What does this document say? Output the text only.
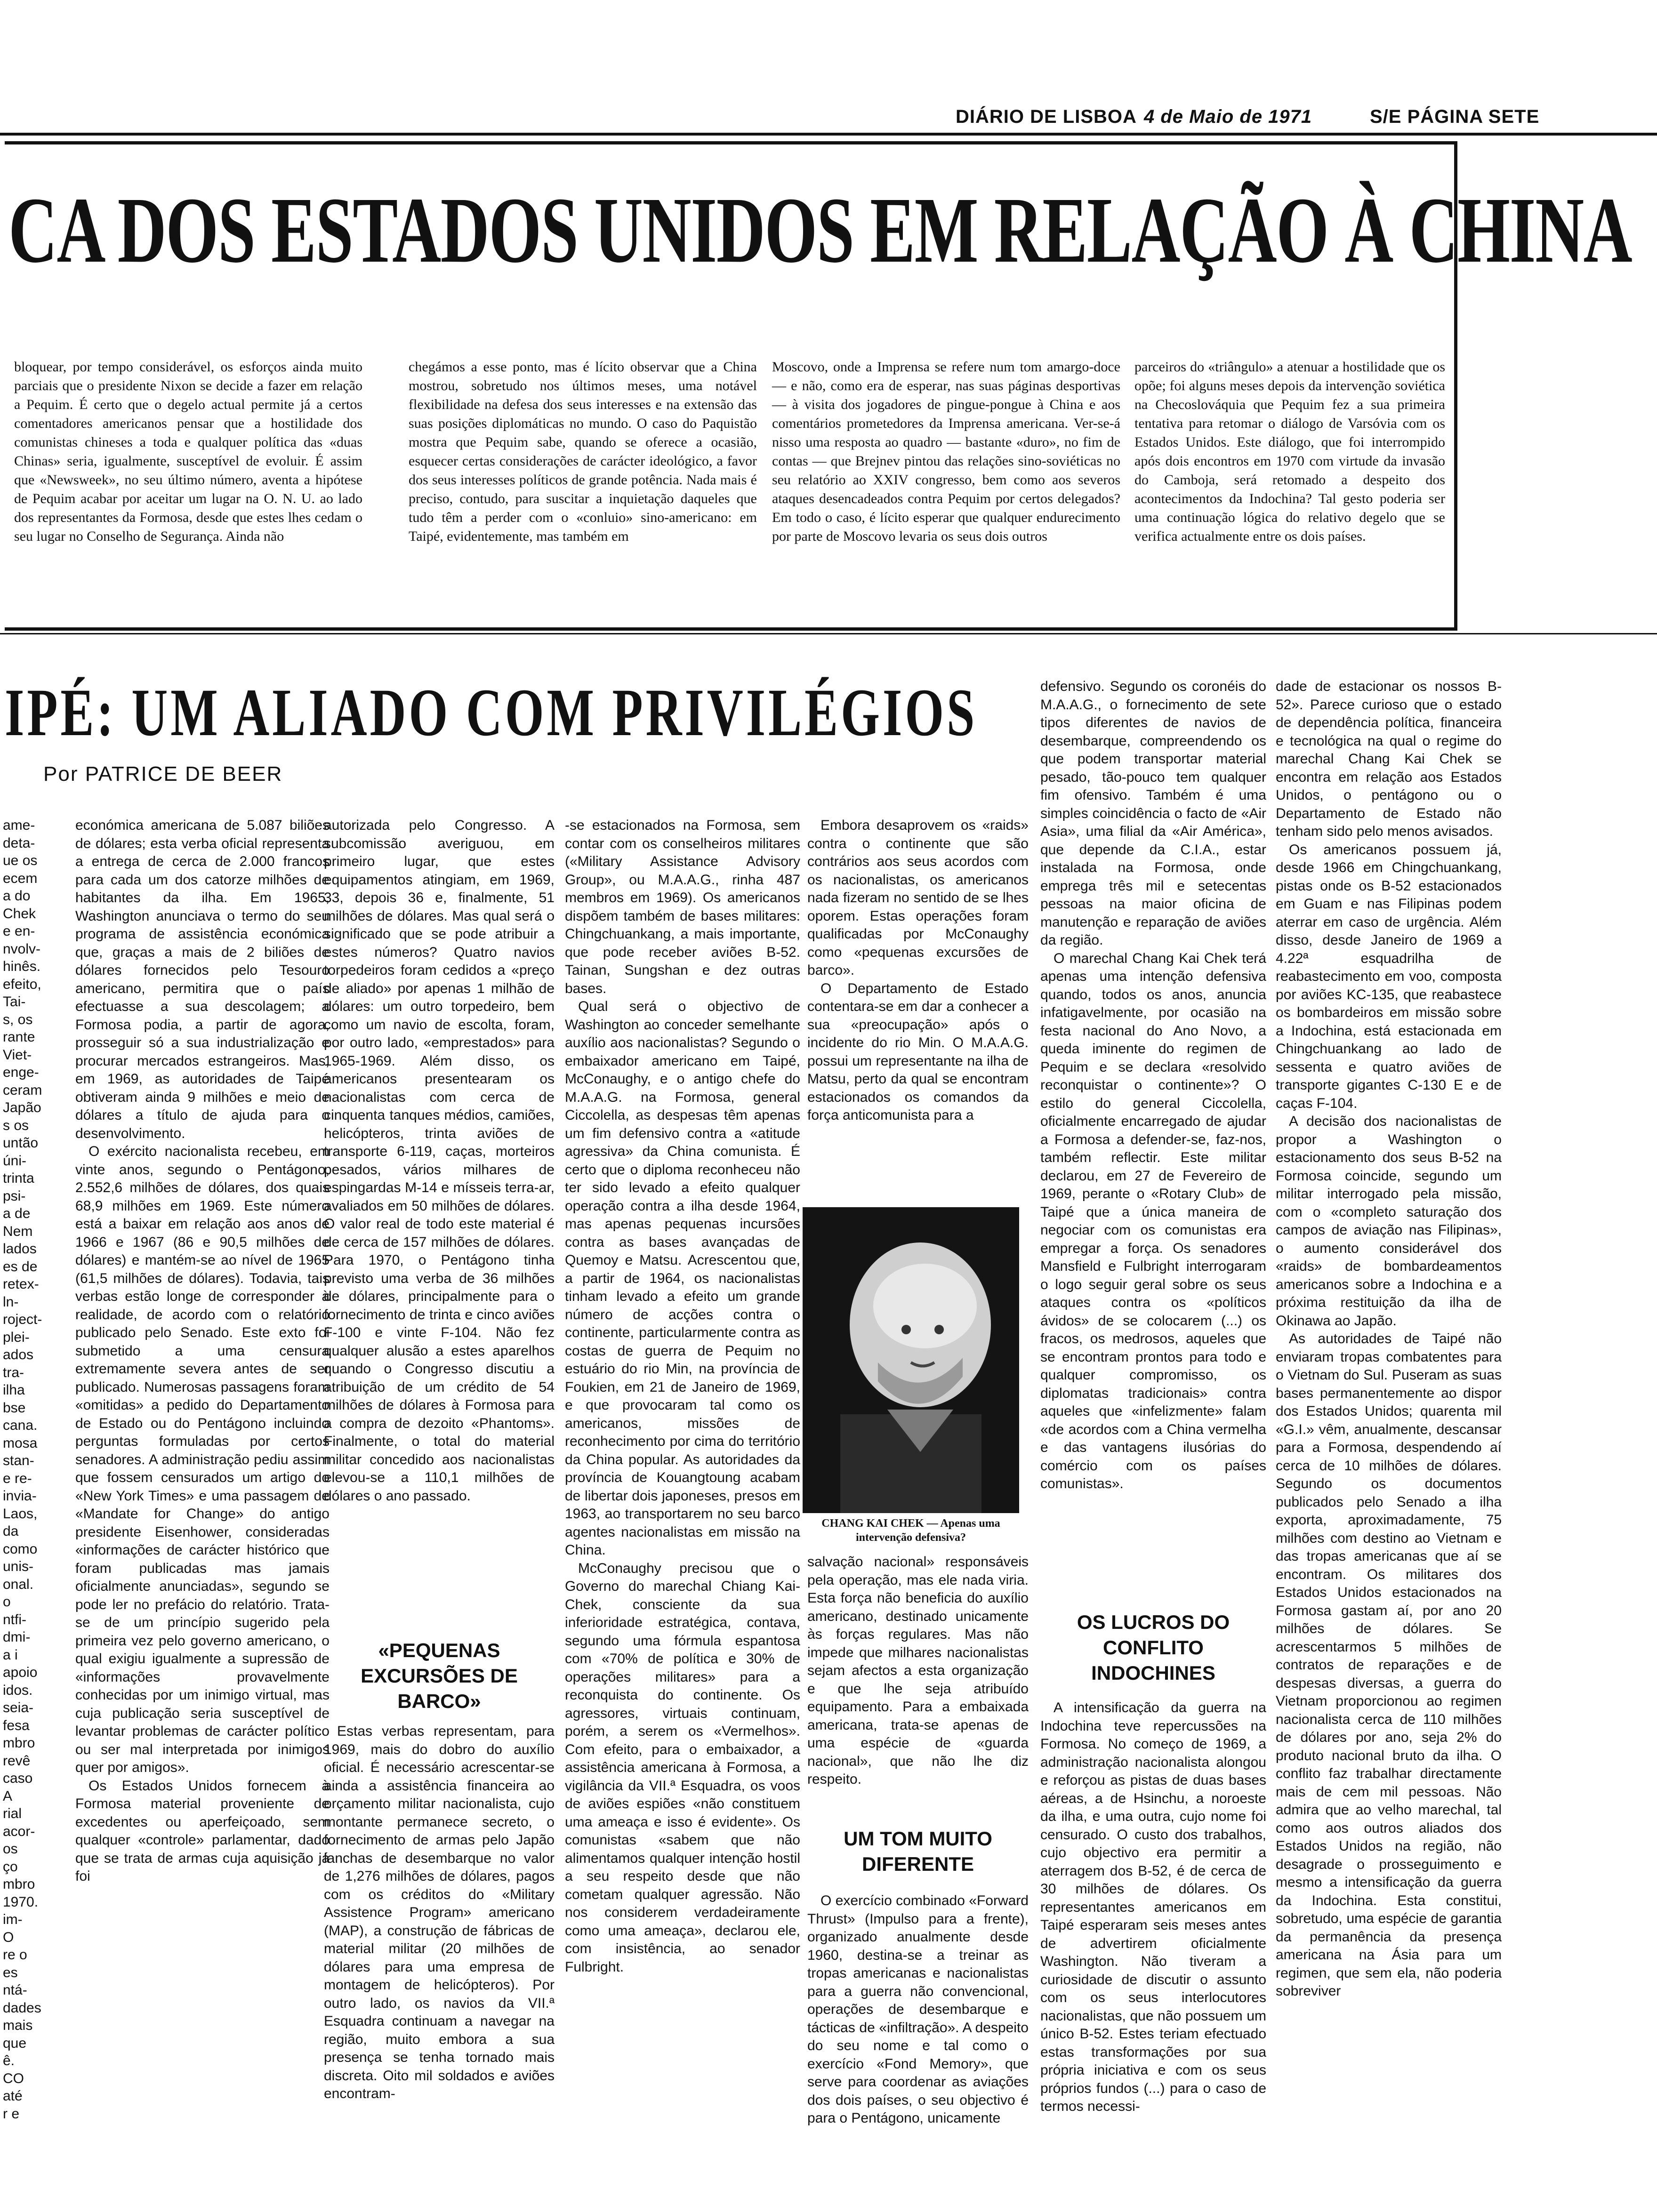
DIÁRIO DE LISBOA 4 de Maio de 1971	S/E PÁGINA SETE
CA DOS ESTADOS UNIDOS EM RELAÇÃO À CHINA
bloquear, por tempo considerável, os esforços ainda muito parciais que o presidente Nixon se decide a fazer em relação a Pequim. É certo que o degelo actual permite já a certos comentadores americanos pensar que a hostilidade dos comunistas chineses a toda e qualquer política das «duas Chinas» seria, igualmente, susceptível de evoluir. É assim que «Newsweek», no seu último número, aventa a hipótese de Pequim acabar por aceitar um lugar na O. N. U. ao lado dos representantes da Formosa, desde que estes lhes cedam o seu lugar no Conselho de Segurança. Ainda não
chegámos a esse ponto, mas é lícito observar que a China mostrou, sobretudo nos últimos meses, uma notável flexibilidade na defesa dos seus interesses e na extensão das suas posições diplomáticas no mundo. O caso do Paquistão mostra que Pequim sabe, quando se oferece a ocasião, esquecer certas considerações de carácter ideológico, a favor dos seus interesses políticos de grande potência. Nada mais é preciso, contudo, para suscitar a inquietação daqueles que tudo têm a perder com o «conluio» sino-americano: em Taipé, evidentemente, mas também em
Moscovo, onde a Imprensa se refere num tom amargo-doce — e não, como era de esperar, nas suas páginas desportivas — à visita dos jogadores de pingue-pongue à China e aos comentários prometedores da Imprensa americana. Ver-se-á nisso uma resposta ao quadro — bastante «duro», no fim de contas — que Brejnev pintou das relações sino-soviéticas no seu relatório ao XXIV congresso, bem como aos severos ataques desencadeados contra Pequim por certos delegados? Em todo o caso, é lícito esperar que qualquer endurecimento por parte de Moscovo levaria os seus dois outros
parceiros do «triângulo» a atenuar a hostilidade que os opõe; foi alguns meses depois da intervenção soviética na Checoslováquia que Pequim fez a sua primeira tentativa para retomar o diálogo de Varsóvia com os Estados Unidos. Este diálogo, que foi interrompido após dois encontros em 1970 com virtude da invasão do Camboja, será retomado a despeito dos acontecimentos da Indochina? Tal gesto poderia ser uma continuação lógica do relativo degelo que se verifica actualmente entre os dois países.
IPÉ: UM ALIADO COM PRIVILÉGIOS
Por PATRICE DE BEER
ame-
deta-
ue os
ecem
a do
Chek
e en-
nvolv-
hinês.
efeito,
Tai-
s, os
rante
Viet-
enge-
ceram
Japão
s os
untão
úni-
trinta
psi-
a de
Nem
lados
es de
retex-
ln-
roject-
plei-
ados
tra-
ilha
bse
cana.
mosa
stan-
e re-
invia-
Laos,
da
como
unis-
onal.
o
ntfi-
dmi-
a i
apoio
idos.
seia-
fesa
mbro
revê
caso
A
rial
acor-
os
ço
mbro
1970.
im-
O
re o
es
ntá-
dades
mais
que
ê.
CO
até
r e

económica americana de 5.087 biliões de dólares; esta verba oficial representa a entrega de cerca de 2.000 francos para cada um dos catorze milhões de habitantes da ilha. Em 1965, Washington anunciava o termo do seu programa de assistência económica que, graças a mais de 2 biliões de dólares fornecidos pelo Tesouro americano, permitira que o país efectuasse a sua descolagem; a Formosa podia, a partir de agora, prosseguir só a sua industrialização e procurar mercados estrangeiros. Mas, em 1969, as autoridades de Taipé obtiveram ainda 9 milhões e meio de dólares a título de ajuda para o desenvolvimento.

O exército nacionalista recebeu, em vinte anos, segundo o Pentágono, 2.552,6 milhões de dólares, dos quais 68,9 milhões em 1969. Este número está a baixar em relação aos anos de 1966 e 1967 (86 e 90,5 milhões de dólares) e mantém-se ao nível de 1965 (61,5 milhões de dólares). Todavia, tais verbas estão longe de corresponder à realidade, de acordo com o relatório publicado pelo Senado. Este exto foi submetido a uma censura extremamente severa antes de ser publicado. Numerosas passagens foram «omitidas» a pedido do Departamento de Estado ou do Pentágono incluindo perguntas formuladas por certos senadores. A administração pediu assim que fossem censurados um artigo do «New York Times» e uma passagem de «Mandate for Change» do antigo presidente Eisenhower, consideradas «informações de carácter histórico que foram publicadas mas jamais oficialmente anunciadas», segundo se pode ler no prefácio do relatório. Trata-se de um princípio sugerido pela primeira vez pelo governo americano, o qual exigiu igualmente a supressão de «informações provavelmente conhecidas por um inimigo virtual, mas cuja publicação seria susceptível de levantar problemas de carácter político ou ser mal interpretada por inimigos quer por amigos».

Os Estados Unidos fornecem à Formosa material proveniente de excedentes ou aperfeiçoado, sem qualquer «controle» parlamentar, dado que se trata de armas cuja aquisição já foi

autorizada pelo Congresso. A subcomissão averiguou, em primeiro lugar, que estes equipamentos atingiam, em 1969, 33, depois 36 e, finalmente, 51 milhões de dólares. Mas qual será o significado que se pode atribuir a estes números? Quatro navios torpedeiros foram cedidos a «preço de aliado» por apenas 1 milhão de dólares: um outro torpedeiro, bem como um navio de escolta, foram, por outro lado, «emprestados» para 1965-1969. Além disso, os americanos presentearam os nacionalistas com cerca de cinquenta tanques médios, camiões, helicópteros, trinta aviões de transporte 6-119, caças, morteiros pesados, vários milhares de espingardas M-14 e mísseis terra-ar, avaliados em 50 milhões de dólares. O valor real de todo este material é de cerca de 157 milhões de dólares. Para 1970, o Pentágono tinha previsto uma verba de 36 milhões de dólares, principalmente para o fornecimento de trinta e cinco aviões F-100 e vinte F-104. Não fez qualquer alusão a estes aparelhos quando o Congresso discutiu a atribuição de um crédito de 54 milhões de dólares à Formosa para a compra de dezoito «Phantoms». Finalmente, o total do material militar concedido aos nacionalistas elevou-se a 110,1 milhões de dólares o ano passado.

«PEQUENAS EXCURSÕES DE BARCO»

Estas verbas representam, para 1969, mais do dobro do auxílio oficial. É necessário acrescentar-se ainda a assistência financeira ao orçamento militar nacionalista, cujo montante permanece secreto, o fornecimento de armas pelo Japão lanchas de desembarque no valor de 1,276 milhões de dólares, pagos com os créditos do «Military Assistence Program» americano (MAP), a construção de fábricas de material militar (20 milhões de dólares para uma empresa de montagem de helicópteros). Por outro lado, os navios da VII.ª Esquadra continuam a navegar na região, muito embora a sua presença se tenha tornado mais discreta. Oito mil soldados e aviões encontram-

-se estacionados na Formosa, sem contar com os conselheiros militares («Military Assistance Advisory Group», ou M.A.A.G., rinha 487 membros em 1969). Os americanos dispõem também de bases militares: Chingchuankang, a mais importante, que pode receber aviões B-52. Tainan, Sungshan e dez outras bases.

Qual será o objectivo de Washington ao conceder semelhante auxílio aos nacionalistas? Segundo o embaixador americano em Taipé, McConaughy, e o antigo chefe do M.A.A.G. na Formosa, general Ciccolella, as despesas têm apenas um fim defensivo contra a «atitude agressiva» da China comunista. É certo que o diploma reconheceu não ter sido levado a efeito qualquer operação contra a ilha desde 1964, mas apenas pequenas incursões contra as bases avançadas de Quemoy e Matsu. Acrescentou que, a partir de 1964, os nacionalistas tinham levado a efeito um grande número de acções contra o continente, particularmente contra as costas de guerra de Pequim no estuário do rio Min, na província de Foukien, em 21 de Janeiro de 1969, e que provocaram tal como os americanos, missões de reconhecimento por cima do território da China popular. As autoridades da província de Kouangtoung acabam de libertar dois japoneses, presos em 1963, ao transportarem no seu barco agentes nacionalistas em missão na China.

McConaughy precisou que o Governo do marechal Chiang Kai-Chek, consciente da sua inferioridade estratégica, contava, segundo uma fórmula espantosa com «70% de política e 30% de operações militares» para a reconquista do continente. Os agressores, virtuais continuam, porém, a serem os «Vermelhos». Com efeito, para o embaixador, a assistência americana à Formosa, a vigilância da VII.ª Esquadra, os voos de aviões espiões «não constituem uma ameaça e isso é evidente». Os comunistas «sabem que não alimentamos qualquer intenção hostil a seu respeito desde que não cometam qualquer agressão. Não nos considerem verdadeiramente como uma ameaça», declarou ele, com insistência, ao senador Fulbright.

Embora desaprovem os «raids» contra o continente que são contrários aos seus acordos com os nacionalistas, os americanos nada fizeram no sentido de se lhes oporem. Estas operações foram qualificadas por McConaughy como «pequenas excursões de barco».

O Departamento de Estado contentara-se em dar a conhecer a sua «preocupação» após o incidente do rio Min. O M.A.A.G. possui um representante na ilha de Matsu, perto da qual se encontram estacionados os comandos da força anticomunista para a

CHANG KAI CHEK — Apenas uma intervenção defensiva?

salvação nacional» responsáveis pela operação, mas ele nada viria. Esta força não beneficia do auxílio americano, destinado unicamente às forças regulares. Mas não impede que milhares nacionalistas sejam afectos a esta organização e que lhe seja atribuído equipamento. Para a embaixada americana, trata-se apenas de uma espécie de «guarda nacional», que não lhe diz respeito.

UM TOM MUITO DIFERENTE

O exercício combinado «Forward Thrust» (Impulso para a frente), organizado anualmente desde 1960, destina-se a treinar as tropas americanas e nacionalistas para a guerra não convencional, operações de desembarque e tácticas de «infiltração». A despeito do seu nome e tal como o exercício «Fond Memory», que serve para coordenar as aviações dos dois países, o seu objectivo é para o Pentágono, unicamente

defensivo. Segundo os coronéis do M.A.A.G., o fornecimento de sete tipos diferentes de navios de desembarque, compreendendo os que podem transportar material pesado, tão-pouco tem qualquer fim ofensivo. Também é uma simples coincidência o facto de «Air Asia», uma filial da «Air América», que depende da C.I.A., estar instalada na Formosa, onde emprega três mil e setecentas pessoas na maior oficina de manutenção e reparação de aviões da região.

O marechal Chang Kai Chek terá apenas uma intenção defensiva quando, todos os anos, anuncia infatigavelmente, por ocasião na festa nacional do Ano Novo, a queda iminente do regimen de Pequim e se declara «resolvido reconquistar o continente»? O estilo do general Ciccolella, oficialmente encarregado de ajudar a Formosa a defender-se, faz-nos, também reflectir. Este militar declarou, em 27 de Fevereiro de 1969, perante o «Rotary Club» de Taipé que a única maneira de negociar com os comunistas era empregar a força. Os senadores Mansfield e Fulbright interrogaram o logo seguir geral sobre os seus ataques contra os «políticos ávidos» de se colocarem (...) os fracos, os medrosos, aqueles que se encontram prontos para todo e qualquer compromisso, os diplomatas tradicionais» contra aqueles que «infelizmente» falam «de acordos com a China vermelha e das vantagens ilusórias do comércio com os países comunistas».

OS LUCROS DO CONFLITO INDOCHINES

A intensificação da guerra na Indochina teve repercussões na Formosa. No começo de 1969, a administração nacionalista alongou e reforçou as pistas de duas bases aéreas, a de Hsinchu, a noroeste da ilha, e uma outra, cujo nome foi censurado. O custo dos trabalhos, cujo objectivo era permitir a aterragem dos B-52, é de cerca de 30 milhões de dólares. Os representantes americanos em Taipé esperaram seis meses antes de advertirem oficialmente Washington. Não tiveram a curiosidade de discutir o assunto com os seus interlocutores nacionalistas, que não possuem um único B-52. Estes teriam efectuado estas transformações por sua própria iniciativa e com os seus próprios fundos (...) para o caso de termos necessi-

dade de estacionar os nossos B-52». Parece curioso que o estado de dependência política, financeira e tecnológica na qual o regime do marechal Chang Kai Chek se encontra em relação aos Estados Unidos, o pentágono ou o Departamento de Estado não tenham sido pelo menos avisados.

Os americanos possuem já, desde 1966 em Chingchuankang, pistas onde os B-52 estacionados em Guam e nas Filipinas podem aterrar em caso de urgência. Além disso, desde Janeiro de 1969 a 4.22ª esquadrilha de reabastecimento em voo, composta por aviões KC-135, que reabastece os bombardeiros em missão sobre a Indochina, está estacionada em Chingchuankang ao lado de sessenta e quatro aviões de transporte gigantes C-130 E e de caças F-104.

A decisão dos nacionalistas de propor a Washington o estacionamento dos seus B-52 na Formosa coincide, segundo um militar interrogado pela missão, com o «completo saturação dos campos de aviação nas Filipinas», o aumento considerável dos «raids» de bombardeamentos americanos sobre a Indochina e a próxima restituição da ilha de Okinawa ao Japão.

As autoridades de Taipé não enviaram tropas combatentes para o Vietnam do Sul. Puseram as suas bases permanentemente ao dispor dos Estados Unidos; quarenta mil «G.I.» vêm, anualmente, descansar para a Formosa, despendendo aí cerca de 10 milhões de dólares. Segundo os documentos publicados pelo Senado a ilha exporta, aproximadamente, 75 milhões com destino ao Vietnam e das tropas americanas que aí se encontram. Os militares dos Estados Unidos estacionados na Formosa gastam aí, por ano 20 milhões de dólares. Se acrescentarmos 5 milhões de contratos de reparações e de despesas diversas, a guerra do Vietnam proporcionou ao regimen nacionalista cerca de 110 milhões de dólares por ano, seja 2% do produto nacional bruto da ilha. O conflito faz trabalhar directamente mais de cem mil pessoas. Não admira que ao velho marechal, tal como aos outros aliados dos Estados Unidos na região, não desagrade o prosseguimento e mesmo a intensificação da guerra da Indochina. Esta constitui, sobretudo, uma espécie de garantia da permanência da presença americana na Ásia para um regimen, que sem ela, não poderia sobreviver
